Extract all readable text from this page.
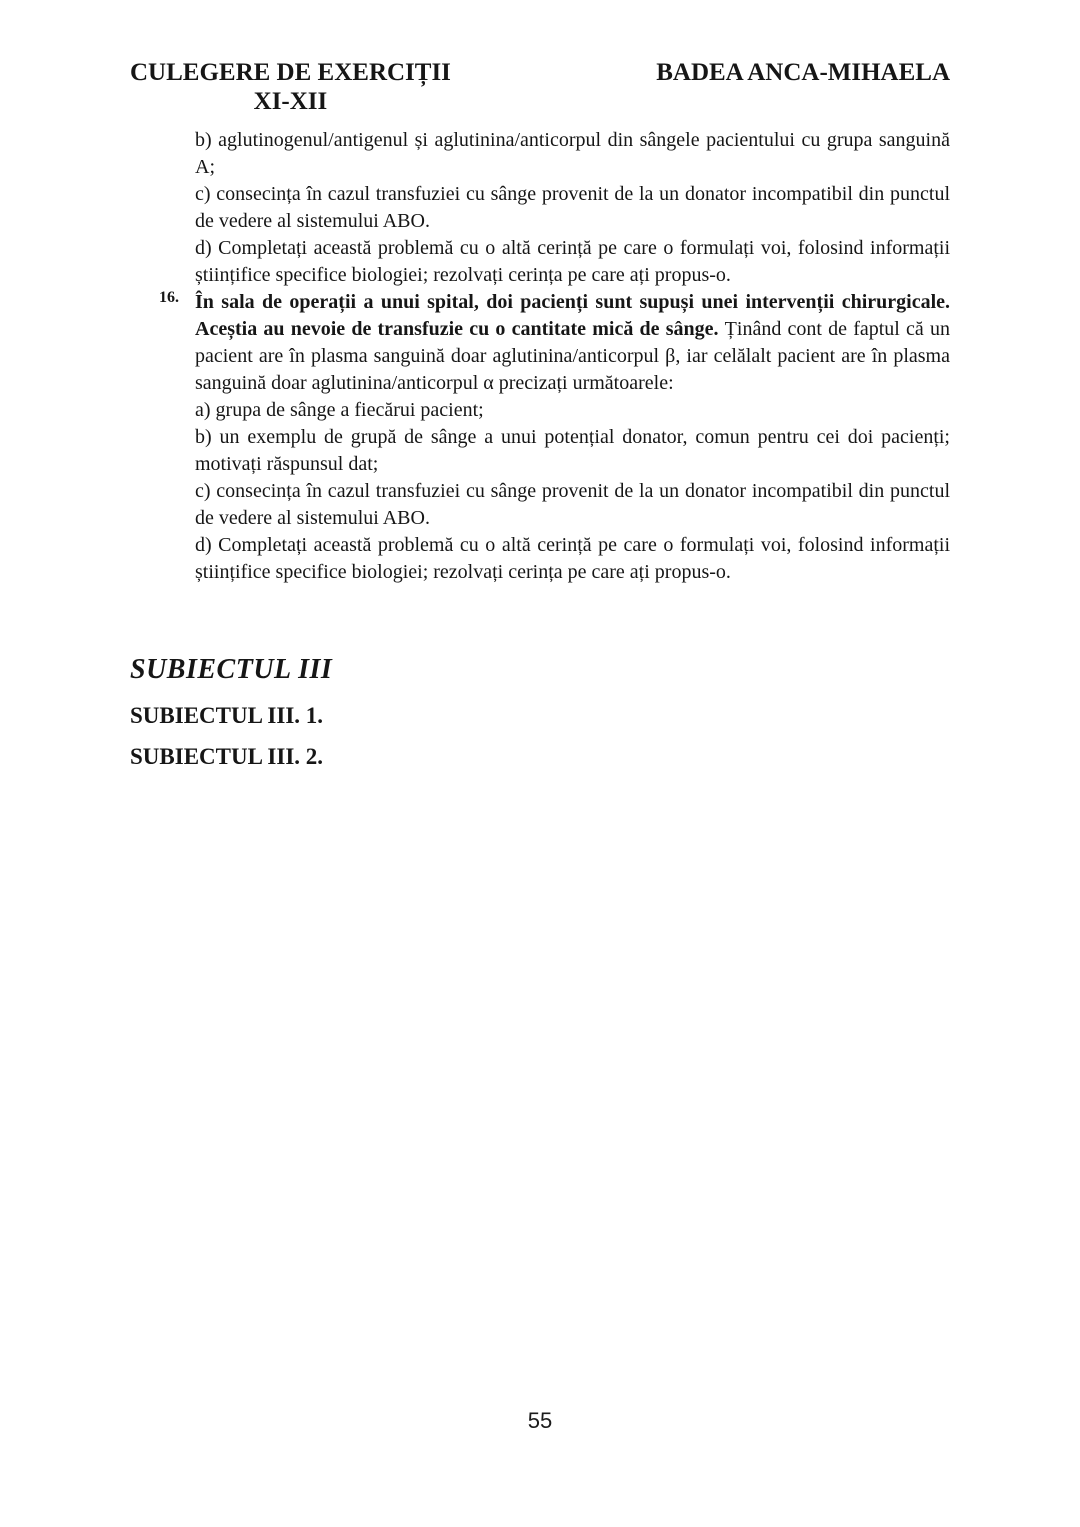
CULEGERE DE EXERCIȚII
XI-XII
BADEA ANCA-MIHAELA

b) aglutinogenul/antigenul și aglutinina/anticorpul din sângele pacientului cu grupa sanguină A;

c) consecința în cazul transfuziei cu sânge provenit de la un donator incompatibil din punctul de vedere al sistemului ABO.

d) Completați această problemă cu o altă cerință pe care o formulați voi, folosind informații științifice specifice biologiei; rezolvați cerința pe care ați propus-o.

16. În sala de operații a unui spital, doi pacienți sunt supuși unei intervenții chirurgicale. Aceștia au nevoie de transfuzie cu o cantitate mică de sânge. Ținând cont de faptul că un pacient are în plasma sanguină doar aglutinina/anticorpul β, iar celălalt pacient are în plasma sanguină doar aglutinina/anticorpul α precizați următoarele:

a) grupa de sânge a fiecărui pacient;

b) un exemplu de grupă de sânge a unui potențial donator, comun pentru cei doi pacienți; motivați răspunsul dat;

c) consecința în cazul transfuziei cu sânge provenit de la un donator incompatibil din punctul de vedere al sistemului ABO.

d) Completați această problemă cu o altă cerință pe care o formulați voi, folosind informații științifice specifice biologiei; rezolvați cerința pe care ați propus-o.

SUBIECTUL III
SUBIECTUL III. 1.
SUBIECTUL III. 2.
55
